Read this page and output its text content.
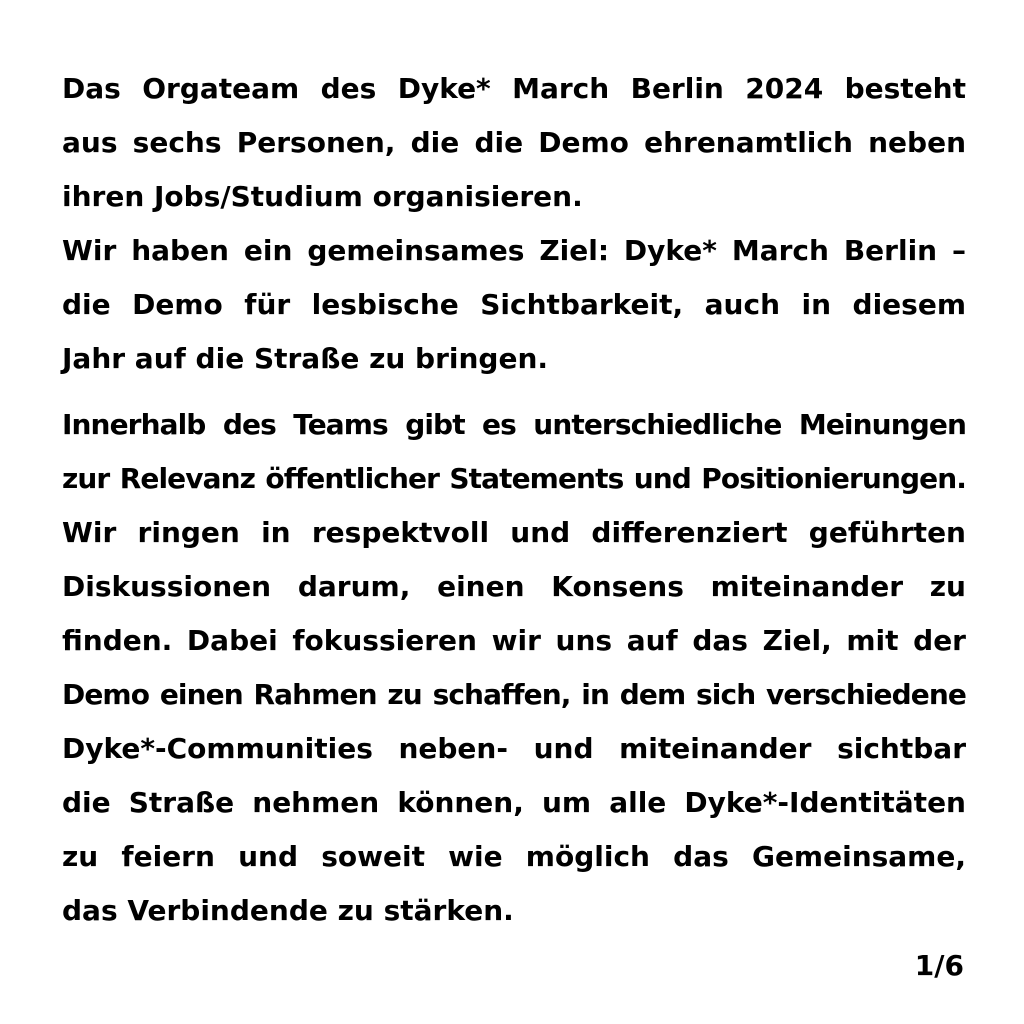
Das Orgateam des Dyke* March Berlin 2024 besteht
aus sechs Personen, die die Demo ehrenamtlich neben
ihren Jobs/Studium organisieren.
Wir haben ein gemeinsames Ziel: Dyke* March Berlin –
die Demo für lesbische Sichtbarkeit, auch in diesem
Jahr auf die Straße zu bringen.
Innerhalb des Teams gibt es unterschiedliche Meinungen
zur Relevanz öffentlicher Statements und Positionierungen.
Wir ringen in respektvoll und differenziert geführten
Diskussionen darum, einen Konsens miteinander zu
finden. Dabei fokussieren wir uns auf das Ziel, mit der
Demo einen Rahmen zu schaffen, in dem sich verschiedene
Dyke*-Communities neben- und miteinander sichtbar
die Straße nehmen können, um alle Dyke*-Identitäten
zu feiern und soweit wie möglich das Gemeinsame,
das Verbindende zu stärken.
1/6
